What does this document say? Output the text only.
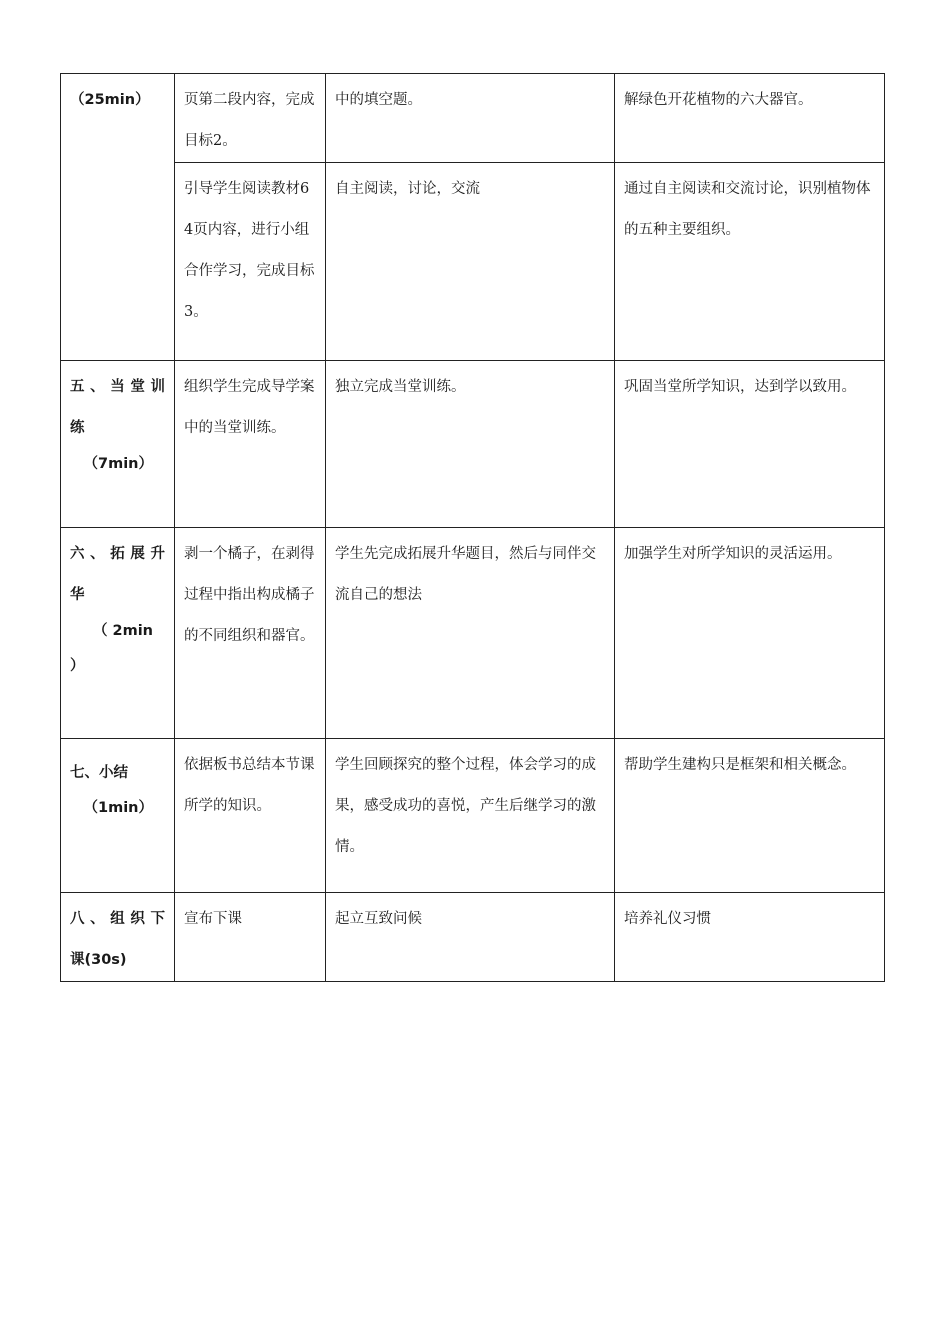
（25min）	页第二段内容，完成目标2。	中的填空题。	解绿色开花植物的六大器官。
	引导学生阅读教材64页内容，进行小组合作学习，完成目标3。	自主阅读，讨论，交流	通过自主阅读和交流讨论，识别植物体的五种主要组织。

五、当堂训
练
（7min）	组织学生完成导学案中的当堂训练。	独立完成当堂训练。	巩固当堂所学知识，达到学以致用。

六、拓展升
华
（ 2min
）	剥一个橘子，在剥得过程中指出构成橘子的不同组织和器官。	学生先完成拓展升华题目，然后与同伴交流自己的想法	加强学生对所学知识的灵活运用。

七、小结
（1min）	依据板书总结本节课所学的知识。	学生回顾探究的整个过程，体会学习的成果，感受成功的喜悦，产生后继学习的激情。	帮助学生建构只是框架和相关概念。

八、组织下
课(30s)	宣布下课	起立互致问候	培养礼仪习惯
